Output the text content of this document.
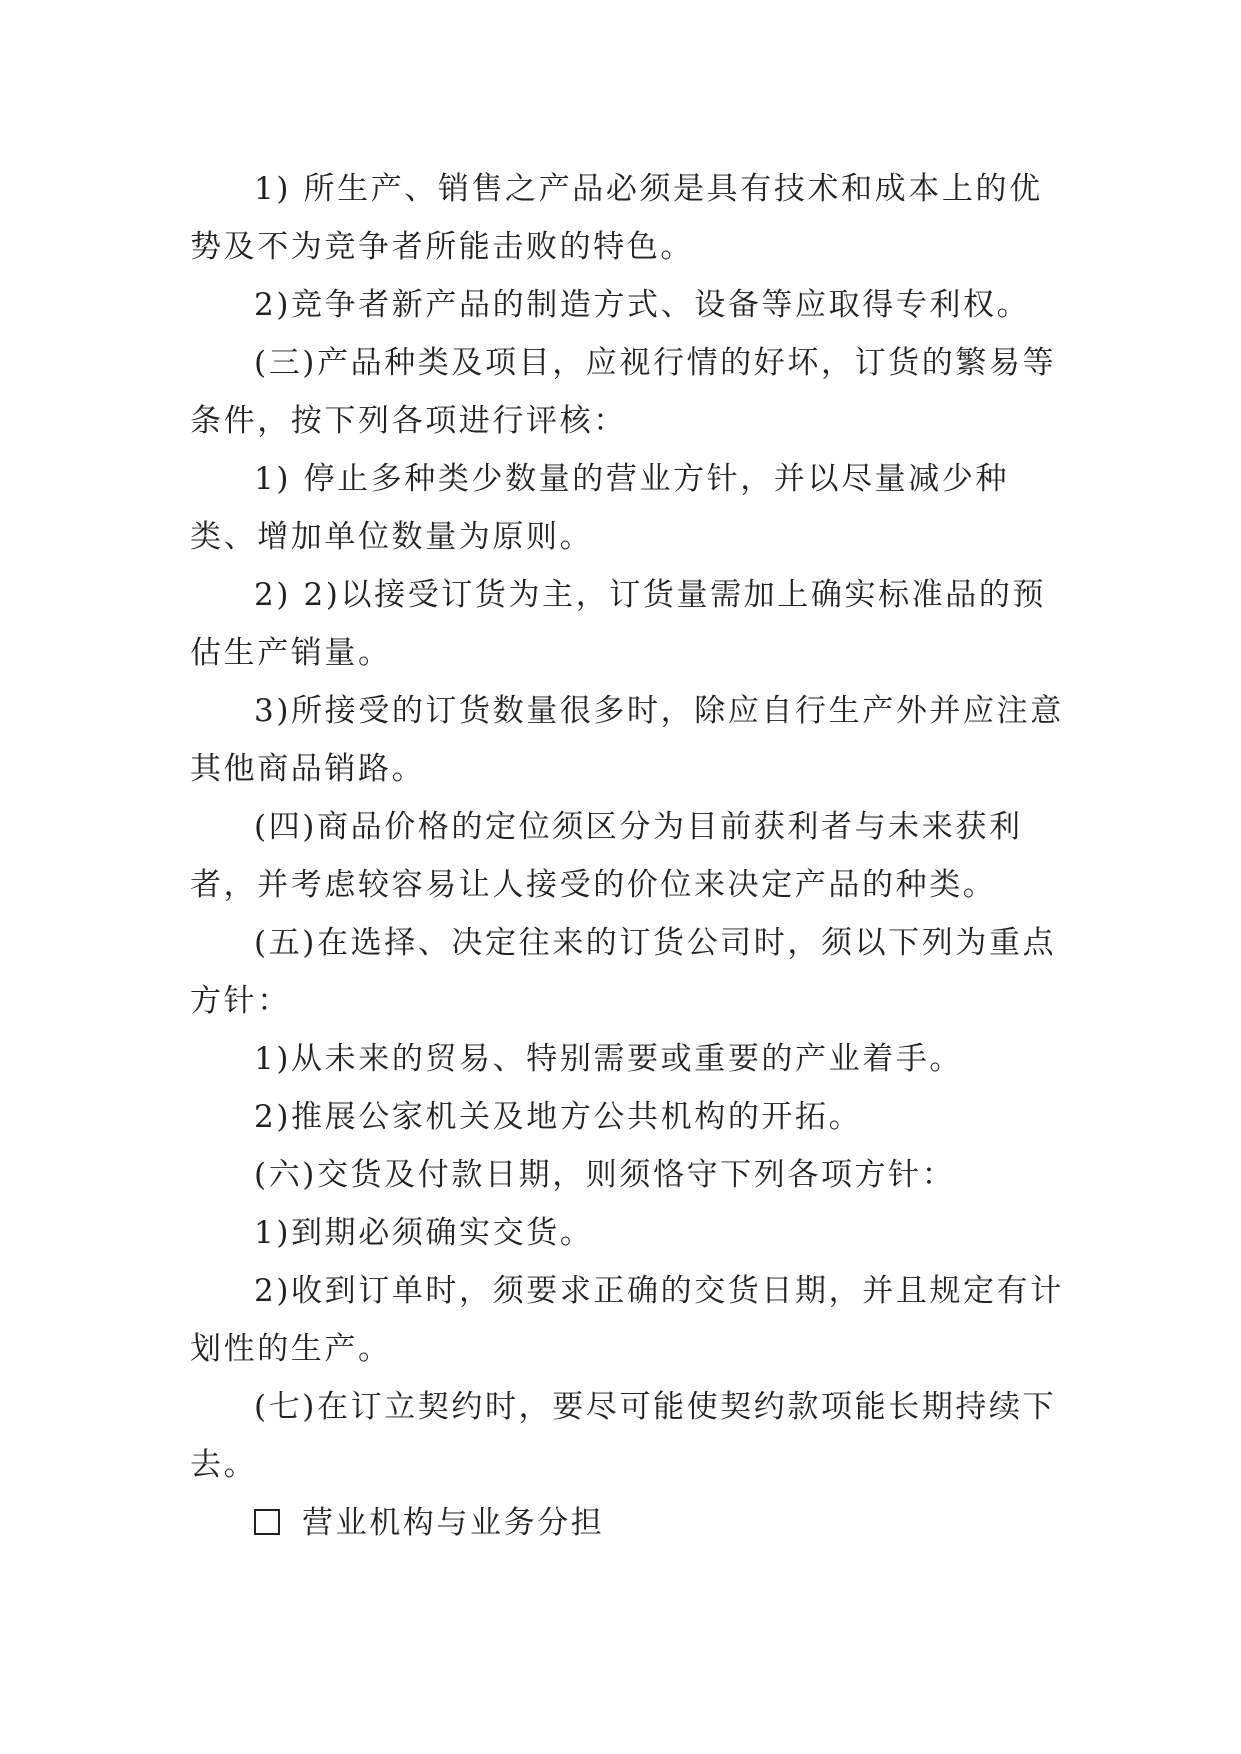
1) 所生产、销售之产品必须是具有技术和成本上的优势及不为竞争者所能击败的特色。

2)竞争者新产品的制造方式、设备等应取得专利权。

(三)产品种类及项目，应视行情的好坏，订货的繁易等条件，按下列各项进行评核：

1) 停止多种类少数量的营业方针，并以尽量减少种类、增加单位数量为原则。

2) 2)以接受订货为主，订货量需加上确实标准品的预估生产销量。

3)所接受的订货数量很多时，除应自行生产外并应注意其他商品销路。

(四)商品价格的定位须区分为目前获利者与未来获利者，并考虑较容易让人接受的价位来决定产品的种类。

(五)在选择、决定往来的订货公司时，须以下列为重点方针：

1)从未来的贸易、特别需要或重要的产业着手。

2)推展公家机关及地方公共机构的开拓。

(六)交货及付款日期，则须恪守下列各项方针：

1)到期必须确实交货。

2)收到订单时，须要求正确的交货日期，并且规定有计划性的生产。

(七)在订立契约时，要尽可能使契约款项能长期持续下去。

营业机构与业务分担
